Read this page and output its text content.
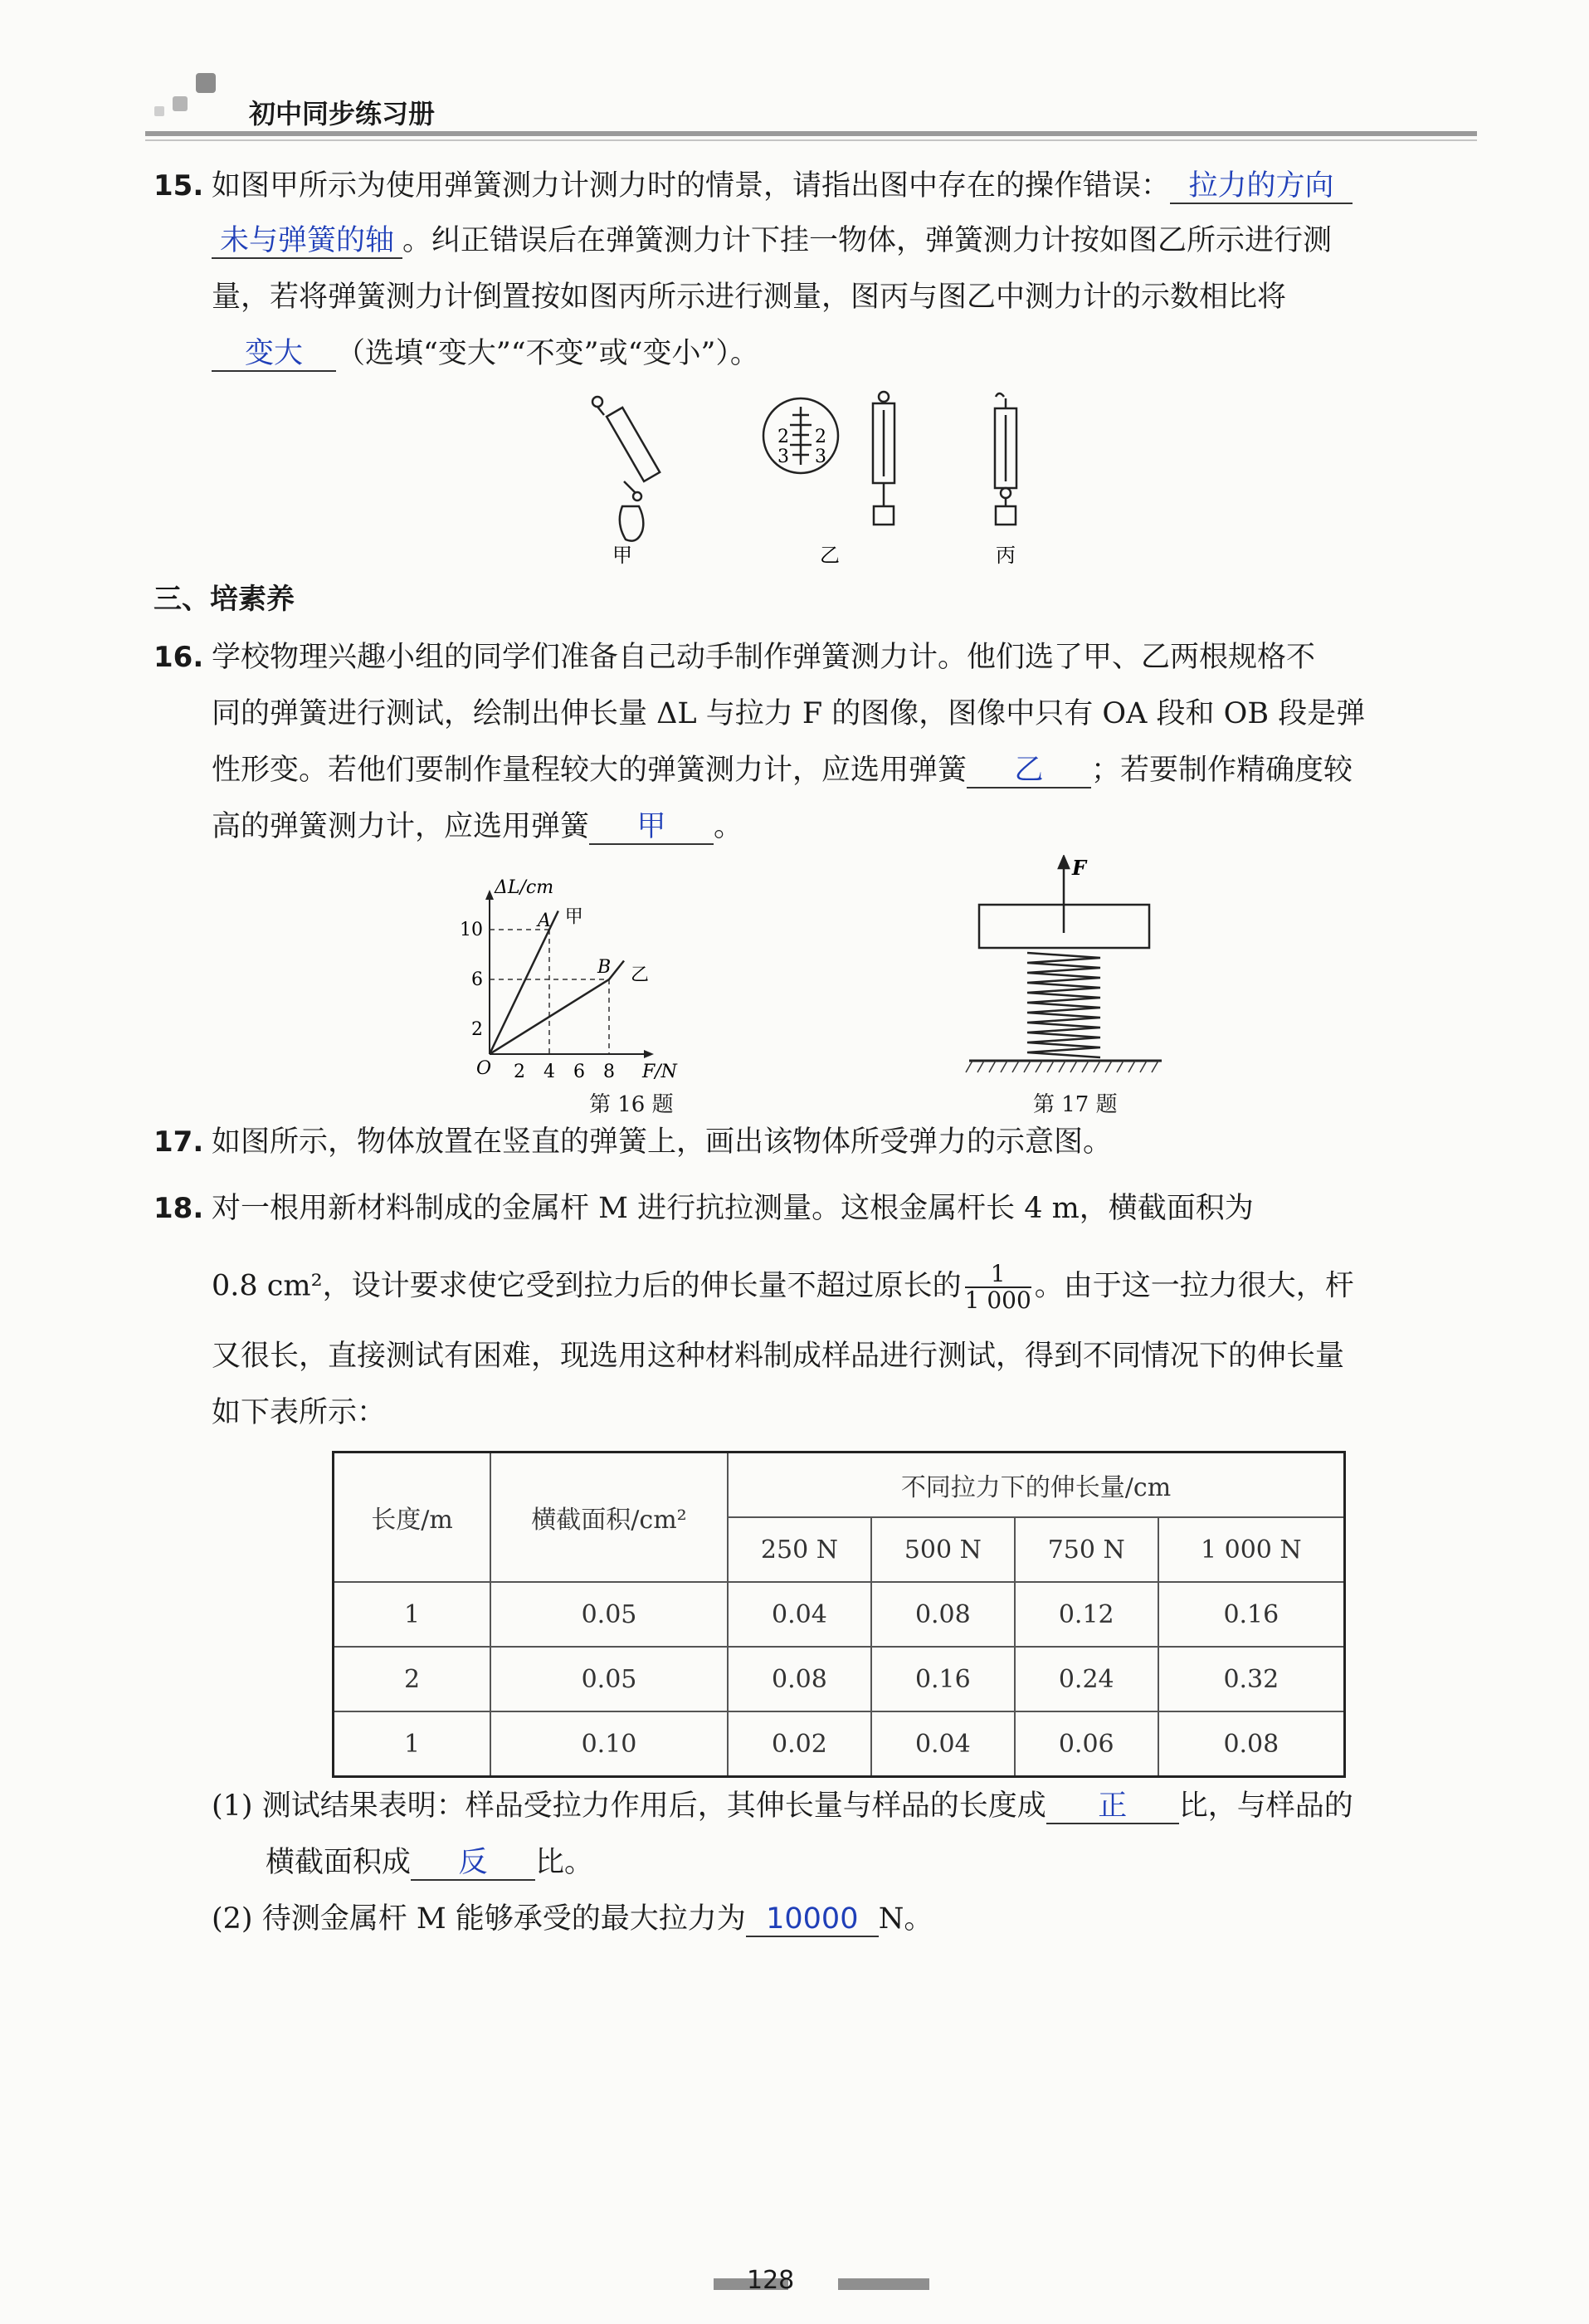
初中同步练习册
15. 如图甲所示为使用弹簧测力计测力时的情景，请指出图中存在的操作错误： 拉力的方向
未与弹簧的轴 。纠正错误后在弹簧测力计下挂一物体，弹簧测力计按如图乙所示进行测
量，若将弹簧测力计倒置按如图丙所示进行测量，图丙与图乙中测力计的示数相比将
变大 （选填“变大”“不变”或“变小”）。
甲
2
3
2
3
乙	丙
三、培素养
16. 学校物理兴趣小组的同学们准备自己动手制作弹簧测力计。他们选了甲、乙两根规格不
同的弹簧进行测试，绘制出伸长量 ΔL 与拉力 F 的图像，图像中只有 OA 段和 OB 段是弹
性形变。若他们要制作量程较大的弹簧测力计，应选用弹簧 乙 ；若要制作精确度较
高的弹簧测力计，应选用弹簧 甲 。
ΔL/cm
F/N
O 2 4 6 8
2
6
10
甲
乙
A
B
第 16 题
F
第 17 题
17. 如图所示，物体放置在竖直的弹簧上，画出该物体所受弹力的示意图。
18. 对一根用新材料制成的金属杆 M 进行抗拉测量。这根金属杆长 4 m，横截面积为
0.8 cm²，设计要求使它受到拉力后的伸长量不超过原长的 $\frac{1}{1 000}$ 。由于这一拉力很大，杆
又很长，直接测试有困难，现选用这种材料制成样品进行测试，得到不同情况下的伸长量
如下表所示：
长度/m	横截面积/cm²	不同拉力下的伸长量/cm			
		250 N	500 N	750 N	1 000 N
1	0.05	0.04	0.08	0.12	0.16
2	0.05	0.08	0.16	0.24	0.32
1	0.10	0.02	0.04	0.06	0.08
(1) 测试结果表明：样品受拉力作用后，其伸长量与样品的长度成 正 比，与样品的
横截面积成 反 比。
(2) 待测金属杆 M 能够承受的最大拉力为 10000 N。
128
